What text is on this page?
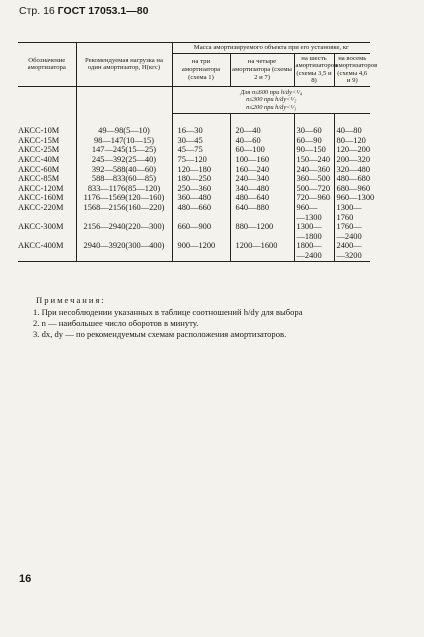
Стр. 16 ГОСТ 17053.1—80
Обозначение амортизатора	Рекомендуемая нагрузка на один амортизатор, Н(кгс)	Масса амортизируемого объекта при его установке, кг			
		на три амортизатора (схема 1)	на четыре амортизатора (схемы 2 и 7)	на шесть амортизаторов (схемы 3,5 и 8)	на восемь амортизаторов (схемы 4,6 и 9)

		Для n≤600 при h/dy<¹/₄
n≤300 при h/dy<¹/₂
n≤200 при h/dy<¹/₃			

АКСС-10М	49—98(5—10)	16—30	20—40	30—60	40—80
АКСС-15М	98—147(10—15)	30—45	40—60	60—90	80—120
АКСС-25М	147—245(15—25)	45—75	60—100	90—150	120—200
АКСС-40М	245—392(25—40)	75—120	100—160	150—240	200—320
АКСС-60М	392—588(40—60)	120—180	160—240	240—360	320—480
АКСС-85М	588—833(60—85)	180—250	240—340	360—500	480—680
АКСС-120М	833—1176(85—120)	250—360	340—480	500—720	680—960
АКСС-160М	1176—1569(120—160)	360—480	480—640	720—960	960—1300
АКСС-220М	1568—2156(160—220)	480—660	640—880	960—	1300—
				—1300	1760
АКСС-300М	2156—2940(220—300)	660—900	880—1200	1300—	1760—
				—1800	—2400
АКСС-400М	2940—3920(300—400)	900—1200	1200—1600	1800—	2400—
				—2400	—3200
Примечания:
1. При несоблюдении указанных в таблице соотношений h/dy для выбора
2. n — наибольшее число оборотов в минуту.
3. dx, dy — по рекомендуемым схемам расположения амортизаторов.
16
